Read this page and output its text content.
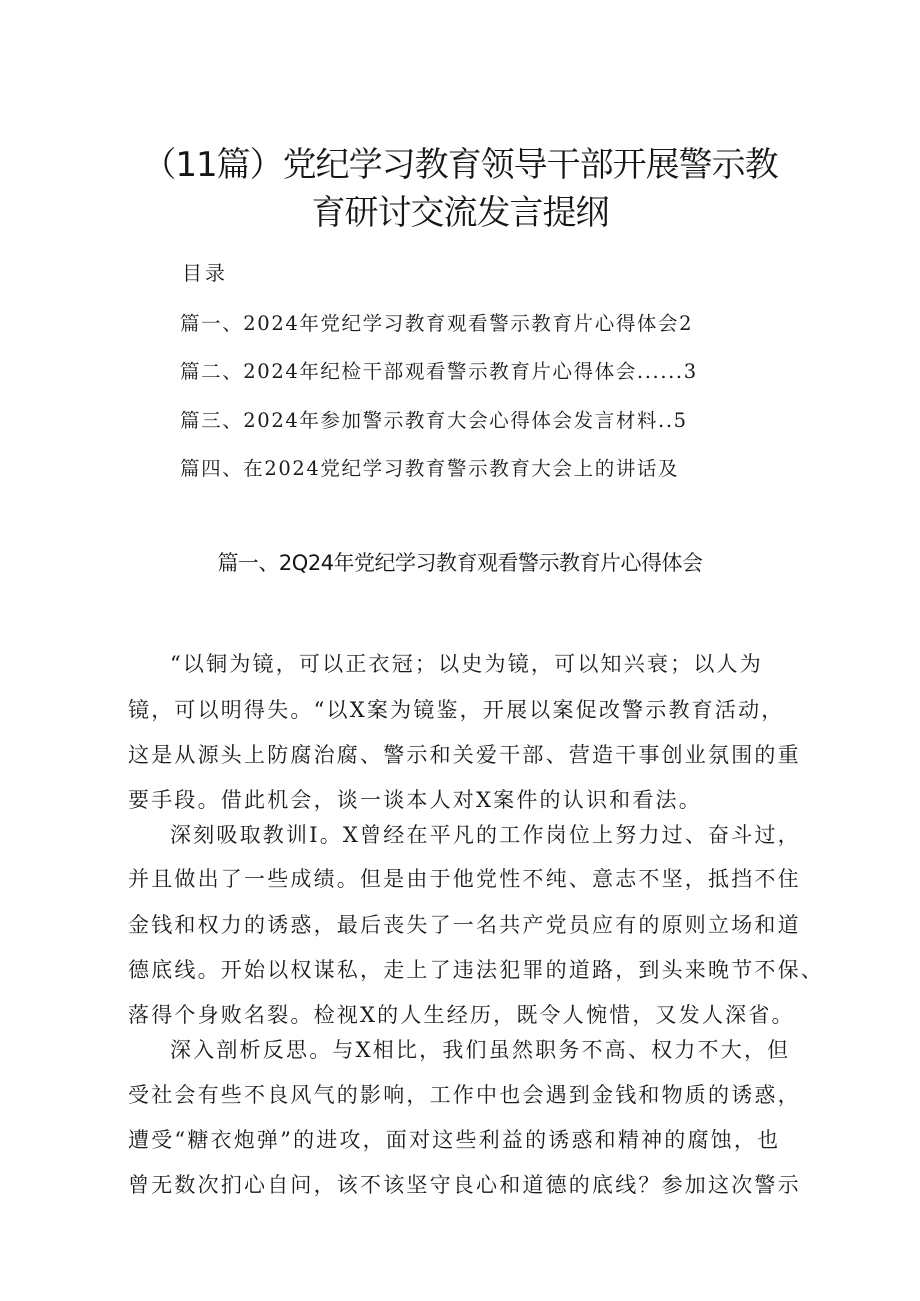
（11篇）党纪学习教育领导干部开展警示教
育研讨交流发言提纲
目录
篇一、2024年党纪学习教育观看警示教育片心得体会2
篇二、2024年纪检干部观看警示教育片心得体会......3
篇三、2024年参加警示教育大会心得体会发言材料..5
篇四、在2024党纪学习教育警示教育大会上的讲话及
篇一、2Q24年党纪学习教育观看警示教育片心得体会
“以铜为镜，可以正衣冠；以史为镜，可以知兴衰；以人为
镜，可以明得失。“以X案为镜鉴，开展以案促改警示教育活动，
这是从源头上防腐治腐、警示和关爱干部、营造干事创业氛围的重
要手段。借此机会，谈一谈本人对X案件的认识和看法。
深刻吸取教训I。X曾经在平凡的工作岗位上努力过、奋斗过，
并且做出了一些成绩。但是由于他党性不纯、意志不坚，抵挡不住
金钱和权力的诱惑，最后丧失了一名共产党员应有的原则立场和道
德底线。开始以权谋私，走上了违法犯罪的道路，到头来晚节不保、
落得个身败名裂。检视X的人生经历，既令人惋惜，又发人深省。
深入剖析反思。与X相比，我们虽然职务不高、权力不大，但
受社会有些不良风气的影响，工作中也会遇到金钱和物质的诱惑，
遭受“糖衣炮弹”的进攻，面对这些利益的诱惑和精神的腐蚀，也
曾无数次扪心自问，该不该坚守良心和道德的底线？参加这次警示
